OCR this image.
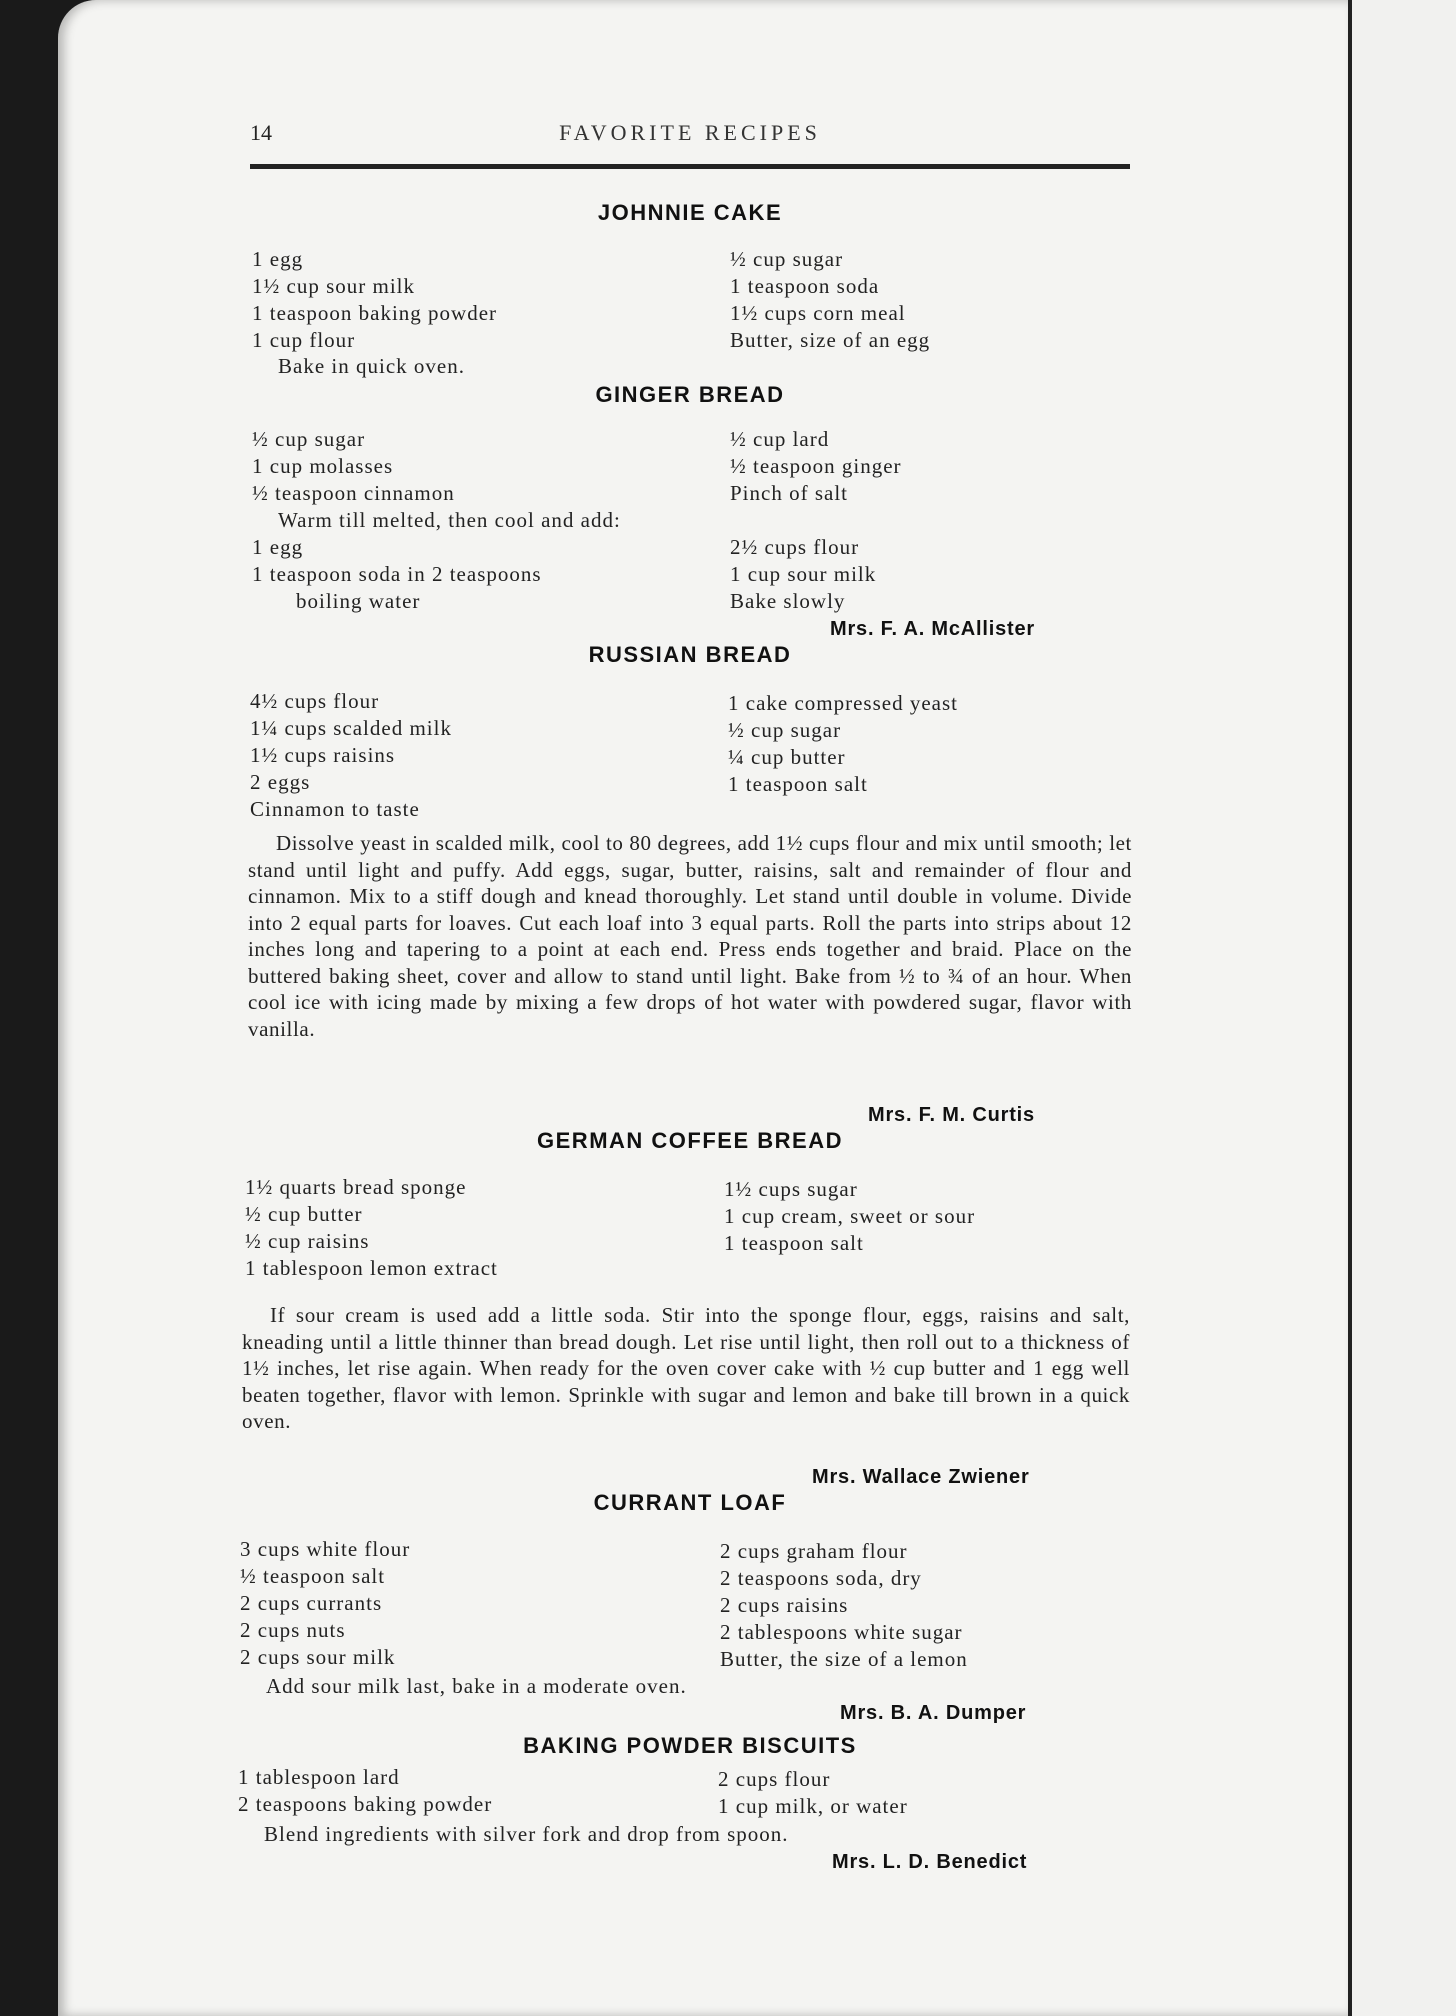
14	FAVORITE RECIPES
JOHNNIE CAKE
1 egg
1½ cup sour milk
1 teaspoon baking powder
1 cup flour
½ cup sugar
1 teaspoon soda
1½ cups corn meal
Butter, size of an egg
Bake in quick oven.
GINGER BREAD
½ cup sugar
1 cup molasses
½ teaspoon cinnamon
½ cup lard
½ teaspoon ginger
Pinch of salt
Warm till melted, then cool and add:
1 egg
1 teaspoon soda in 2 teaspoons
boiling water
2½ cups flour
1 cup sour milk
Bake slowly
Mrs. F. A. McAllister
RUSSIAN BREAD
4½ cups flour
1¼ cups scalded milk
1½ cups raisins
2 eggs
Cinnamon to taste
1 cake compressed yeast
½ cup sugar
¼ cup butter
1 teaspoon salt
Dissolve yeast in scalded milk, cool to 80 degrees, add 1½ cups flour and mix until smooth; let stand until light and puffy. Add eggs, sugar, butter, raisins, salt and remainder of flour and cinnamon. Mix to a stiff dough and knead thoroughly. Let stand until double in volume. Divide into 2 equal parts for loaves. Cut each loaf into 3 equal parts. Roll the parts into strips about 12 inches long and tapering to a point at each end. Press ends together and braid. Place on the buttered baking sheet, cover and allow to stand until light. Bake from ½ to ¾ of an hour. When cool ice with icing made by mixing a few drops of hot water with powdered sugar, flavor with vanilla.
Mrs. F. M. Curtis
GERMAN COFFEE BREAD
1½ quarts bread sponge
½ cup butter
½ cup raisins
1 tablespoon lemon extract
1½ cups sugar
1 cup cream, sweet or sour
1 teaspoon salt
If sour cream is used add a little soda. Stir into the sponge flour, eggs, raisins and salt, kneading until a little thinner than bread dough. Let rise until light, then roll out to a thickness of 1½ inches, let rise again. When ready for the oven cover cake with ½ cup butter and 1 egg well beaten together, flavor with lemon. Sprinkle with sugar and lemon and bake till brown in a quick oven.
Mrs. Wallace Zwiener
CURRANT LOAF
3 cups white flour
½ teaspoon salt
2 cups currants
2 cups nuts
2 cups sour milk
2 cups graham flour
2 teaspoons soda, dry
2 cups raisins
2 tablespoons white sugar
Butter, the size of a lemon
Add sour milk last, bake in a moderate oven.
Mrs. B. A. Dumper
BAKING POWDER BISCUITS
1 tablespoon lard
2 teaspoons baking powder
2 cups flour
1 cup milk, or water
Blend ingredients with silver fork and drop from spoon.
Mrs. L. D. Benedict
